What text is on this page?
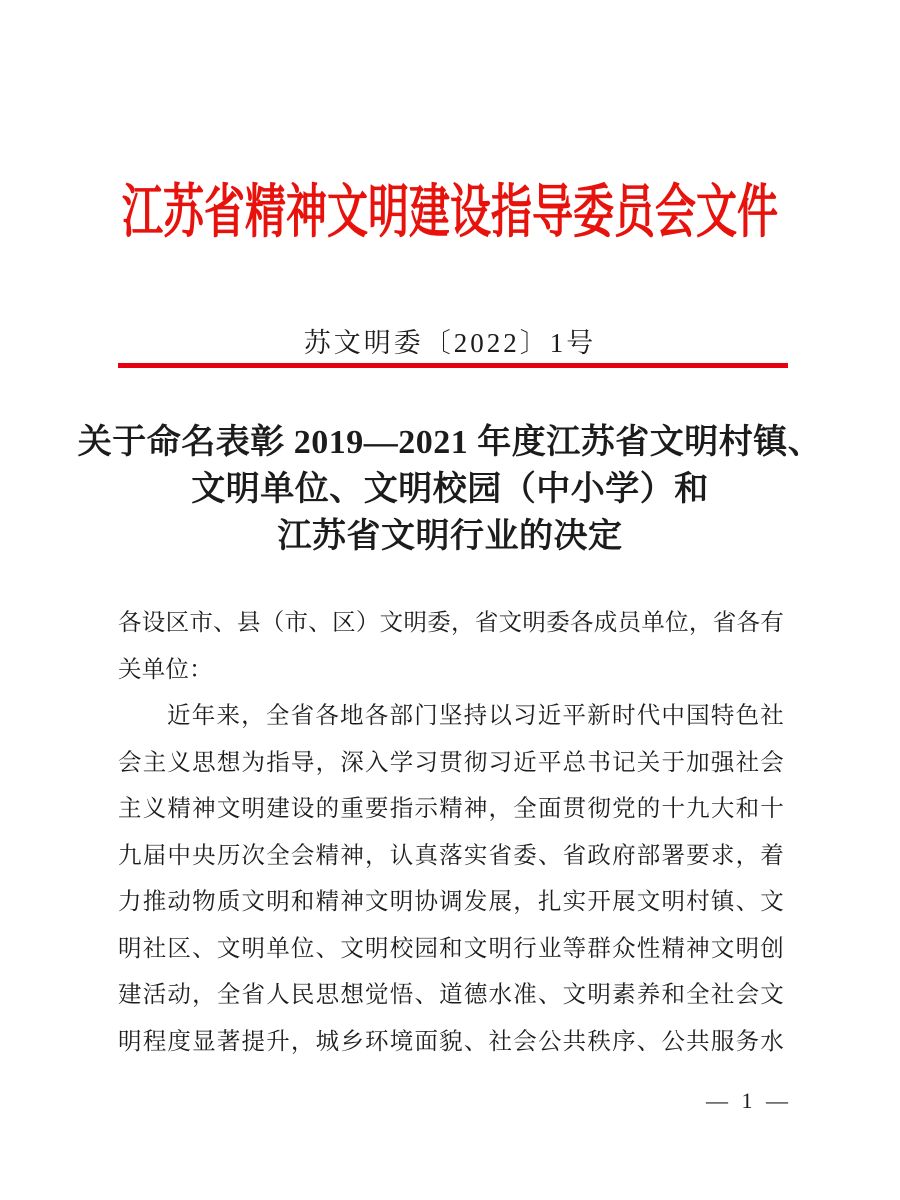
江苏省精神文明建设指导委员会文件
苏文明委〔2022〕1号
关于命名表彰 2019—2021 年度江苏省文明村镇、
文明单位、文明校园（中小学）和
江苏省文明行业的决定
各设区市、县（市、区）文明委，省文明委各成员单位，省各有
关单位：
近年来，全省各地各部门坚持以习近平新时代中国特色社
会主义思想为指导，深入学习贯彻习近平总书记关于加强社会
主义精神文明建设的重要指示精神，全面贯彻党的十九大和十
九届中央历次全会精神，认真落实省委、省政府部署要求，着
力推动物质文明和精神文明协调发展，扎实开展文明村镇、文
明社区、文明单位、文明校园和文明行业等群众性精神文明创
建活动，全省人民思想觉悟、道德水准、文明素养和全社会文
明程度显著提升，城乡环境面貌、社会公共秩序、公共服务水
— 1 —
